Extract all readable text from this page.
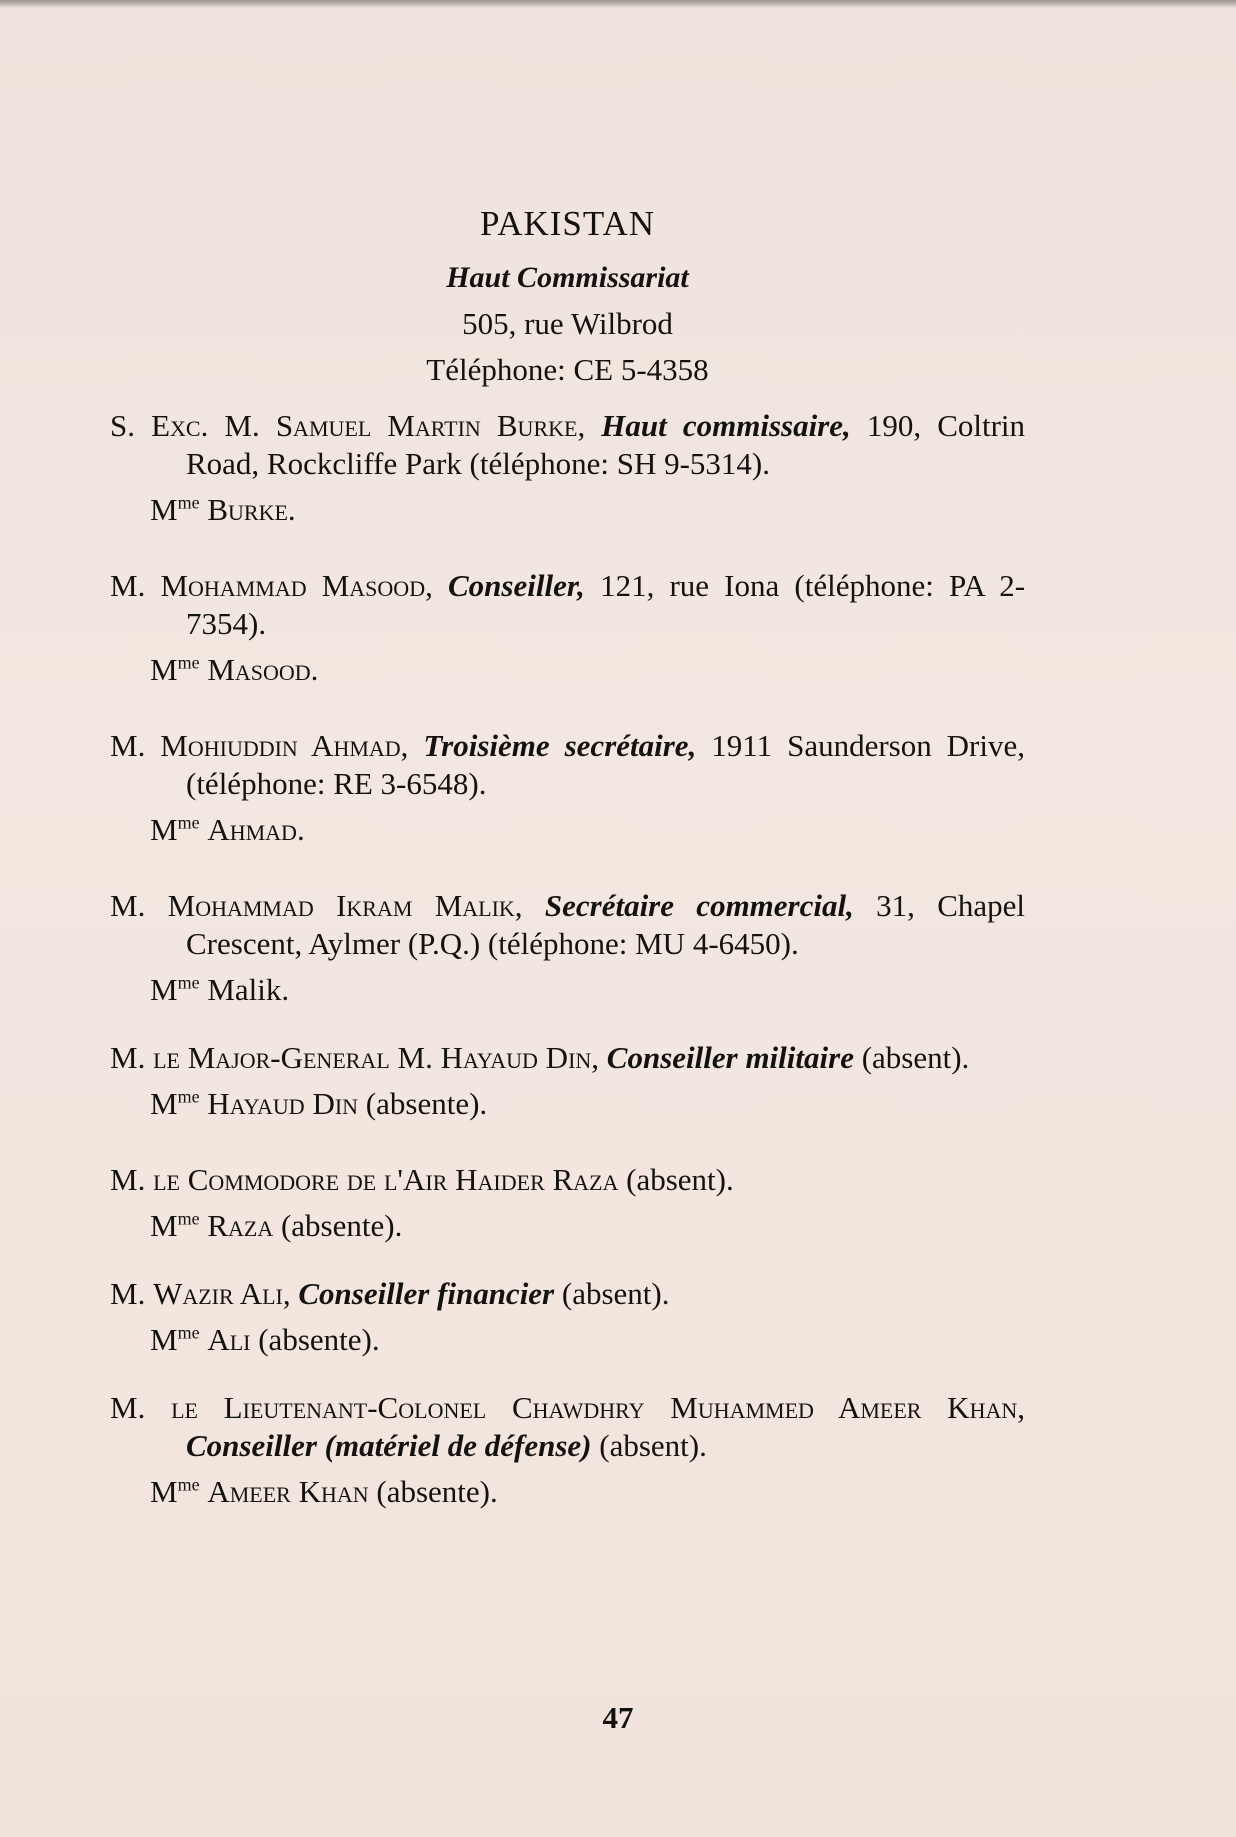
PAKISTAN
Haut Commissariat
505, rue Wilbrod
Téléphone: CE 5-4358
S. Exc. M. Samuel Martin Burke, Haut commissaire, 190, Coltrin Road, Rockcliffe Park (téléphone: SH 9-5314).
$M^{me}$ Burke.
M. Mohammad Masood, Conseiller, 121, rue Iona (téléphone: PA 2-7354).
$M^{me}$ Masood.
M. Mohiuddin Ahmad, Troisième secrétaire, 1911 Saunderson Drive, (téléphone: RE 3-6548).
$M^{me}$ Ahmad.
M. Mohammad Ikram Malik, Secrétaire commercial, 31, Chapel Crescent, Aylmer (P.Q.) (téléphone: MU 4-6450).
$M^{me}$ Malik.
M. le Major-General M. Hayaud Din, Conseiller militaire (absent).
$M^{me}$ Hayaud Din (absente).
M. le Commodore de l'Air Haider Raza (absent).
$M^{me}$ Raza (absente).
M. Wazir Ali, Conseiller financier (absent).
$M^{me}$ Ali (absente).
M. le Lieutenant-Colonel Chawdhry Muhammed Ameer Khan, Conseiller (matériel de défense) (absent).
$M^{me}$ Ameer Khan (absente).
47
